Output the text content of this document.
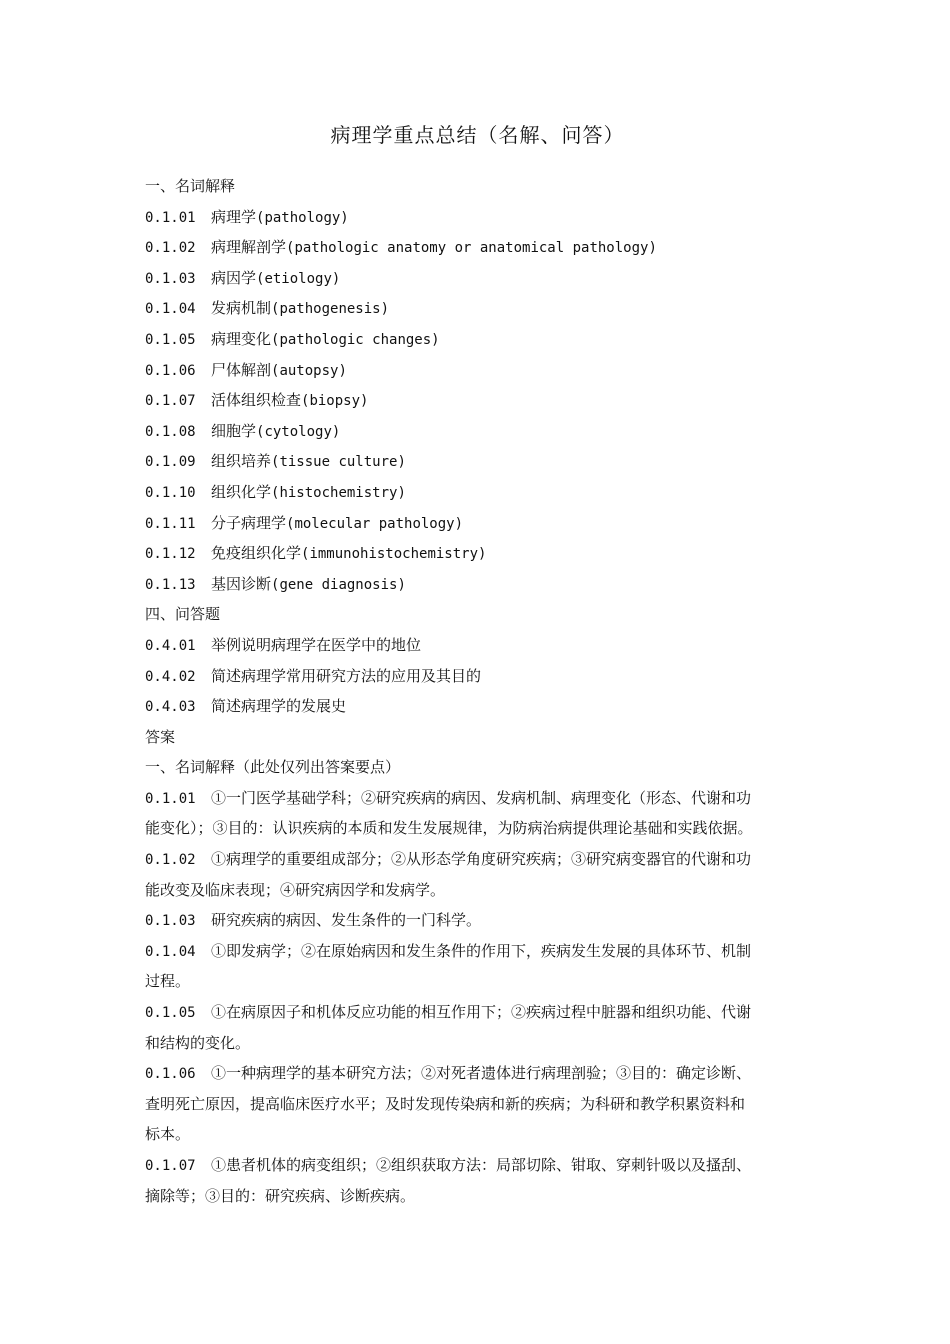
病理学重点总结（名解、问答）
一、名词解释
0.1.01 病理学(pathology)
0.1.02 病理解剖学(pathologic anatomy or anatomical pathology)
0.1.03 病因学(etiology)
0.1.04 发病机制(pathogenesis)
0.1.05 病理变化(pathologic changes)
0.1.06 尸体解剖(autopsy)
0.1.07 活体组织检查(biopsy)
0.1.08 细胞学(cytology)
0.1.09 组织培养(tissue culture)
0.1.10 组织化学(histochemistry)
0.1.11 分子病理学(molecular pathology)
0.1.12 免疫组织化学(immunohistochemistry)
0.1.13 基因诊断(gene diagnosis)
四、问答题
0.4.01 举例说明病理学在医学中的地位
0.4.02 简述病理学常用研究方法的应用及其目的
0.4.03 简述病理学的发展史
答案
一、名词解释（此处仅列出答案要点）
0.1.01 ①一门医学基础学科；②研究疾病的病因、发病机制、病理变化（形态、代谢和功
能变化）；③目的：认识疾病的本质和发生发展规律，为防病治病提供理论基础和实践依据。
0.1.02 ①病理学的重要组成部分；②从形态学角度研究疾病；③研究病变器官的代谢和功
能改变及临床表现；④研究病因学和发病学。
0.1.03 研究疾病的病因、发生条件的一门科学。
0.1.04 ①即发病学；②在原始病因和发生条件的作用下，疾病发生发展的具体环节、机制
过程。
0.1.05 ①在病原因子和机体反应功能的相互作用下；②疾病过程中脏器和组织功能、代谢
和结构的变化。
0.1.06 ①一种病理学的基本研究方法；②对死者遗体进行病理剖验；③目的：确定诊断、
查明死亡原因，提高临床医疗水平；及时发现传染病和新的疾病；为科研和教学积累资料和
标本。
0.1.07 ①患者机体的病变组织；②组织获取方法：局部切除、钳取、穿刺针吸以及搔刮、
摘除等；③目的：研究疾病、诊断疾病。
